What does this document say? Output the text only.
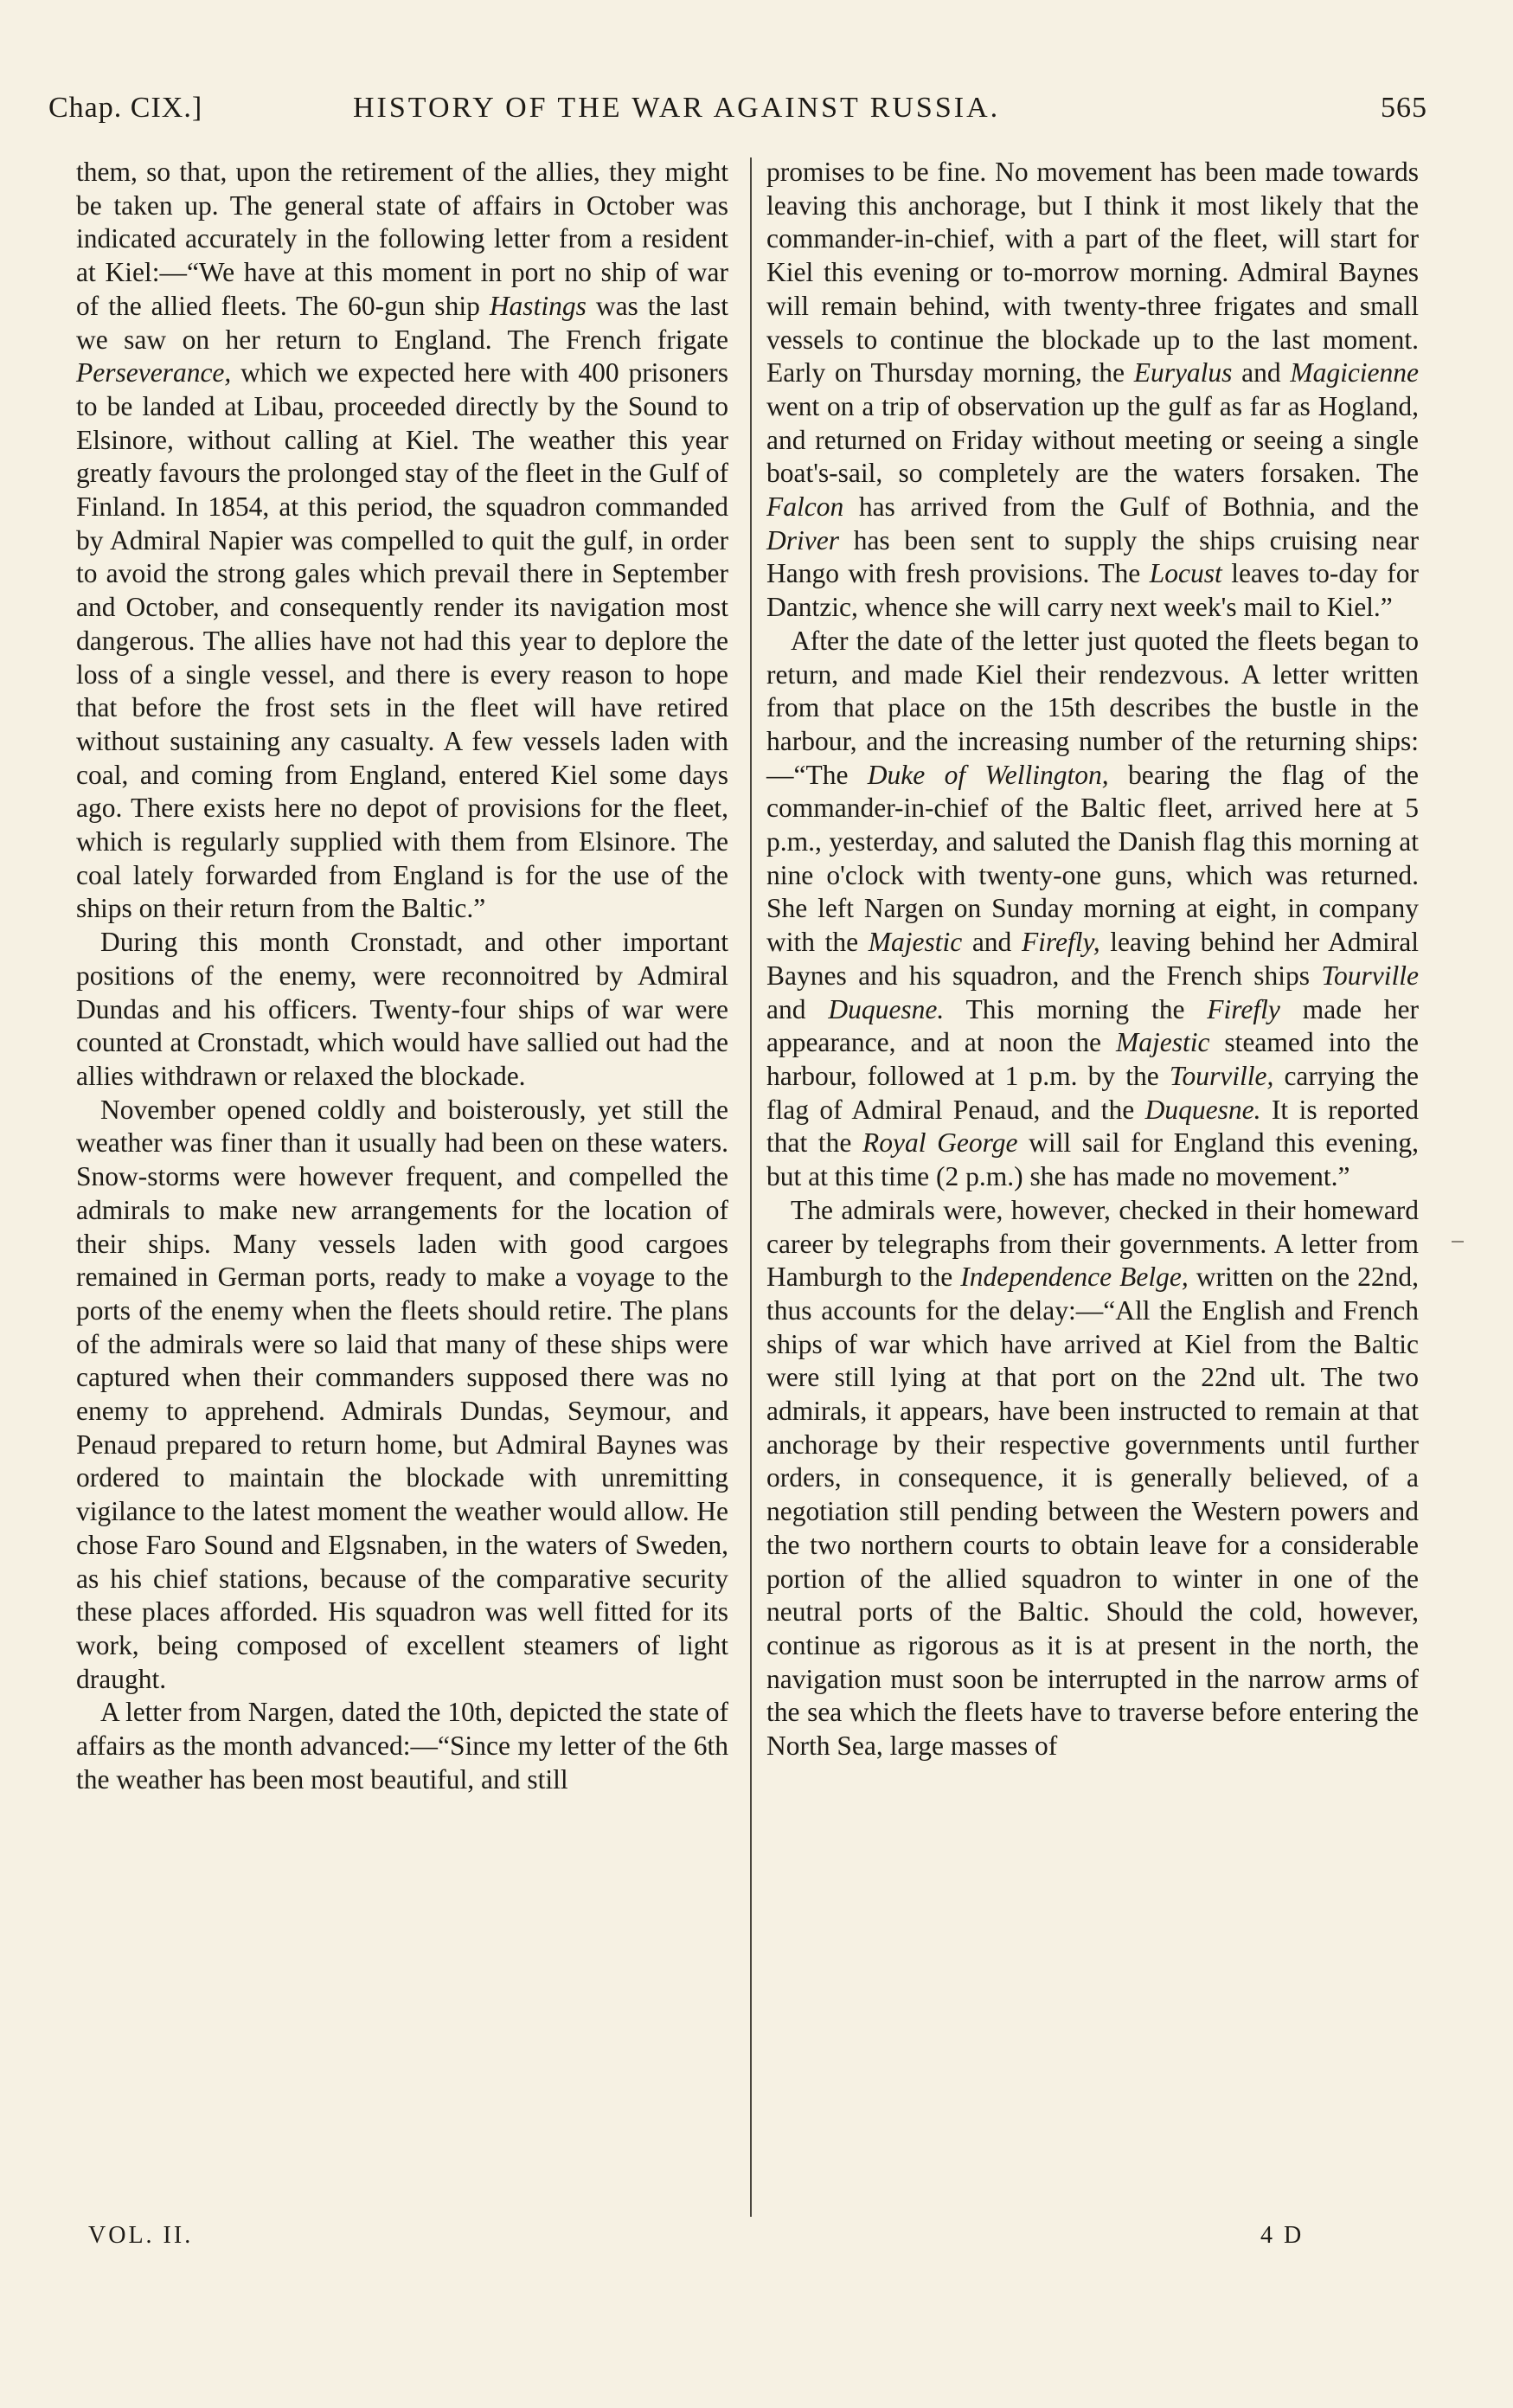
Chap. CIX.]	HISTORY OF THE WAR AGAINST RUSSIA.	565

them, so that, upon the retirement of the allies, they might be taken up. The general state of affairs in October was indicated accurately in the following letter from a resident at Kiel:—“We have at this moment in port no ship of war of the allied fleets. The 60-gun ship Hastings was the last we saw on her return to England. The French frigate Perseverance, which we expected here with 400 prisoners to be landed at Libau, proceeded directly by the Sound to Elsinore, without calling at Kiel. The weather this year greatly favours the prolonged stay of the fleet in the Gulf of Finland. In 1854, at this period, the squadron commanded by Admiral Napier was compelled to quit the gulf, in order to avoid the strong gales which prevail there in September and October, and consequently render its navigation most dangerous. The allies have not had this year to deplore the loss of a single vessel, and there is every reason to hope that before the frost sets in the fleet will have retired without sustaining any casualty. A few vessels laden with coal, and coming from England, entered Kiel some days ago. There exists here no depot of provisions for the fleet, which is regularly supplied with them from Elsinore. The coal lately forwarded from England is for the use of the ships on their return from the Baltic.”

During this month Cronstadt, and other important positions of the enemy, were reconnoitred by Admiral Dundas and his officers. Twenty-four ships of war were counted at Cronstadt, which would have sallied out had the allies withdrawn or relaxed the blockade.

November opened coldly and boisterously, yet still the weather was finer than it usually had been on these waters. Snow-storms were however frequent, and compelled the admirals to make new arrangements for the location of their ships. Many vessels laden with good cargoes remained in German ports, ready to make a voyage to the ports of the enemy when the fleets should retire. The plans of the admirals were so laid that many of these ships were captured when their commanders supposed there was no enemy to apprehend. Admirals Dundas, Seymour, and Penaud prepared to return home, but Admiral Baynes was ordered to maintain the blockade with unremitting vigilance to the latest moment the weather would allow. He chose Faro Sound and Elgsnaben, in the waters of Sweden, as his chief stations, because of the comparative security these places afforded. His squadron was well fitted for its work, being composed of excellent steamers of light draught.

A letter from Nargen, dated the 10th, depicted the state of affairs as the month advanced:—“Since my letter of the 6th the weather has been most beautiful, and still

promises to be fine. No movement has been made towards leaving this anchorage, but I think it most likely that the commander-in-chief, with a part of the fleet, will start for Kiel this evening or to-morrow morning. Admiral Baynes will remain behind, with twenty-three frigates and small vessels to continue the blockade up to the last moment. Early on Thursday morning, the Euryalus and Magicienne went on a trip of observation up the gulf as far as Hogland, and returned on Friday without meeting or seeing a single boat's-sail, so completely are the waters forsaken. The Falcon has arrived from the Gulf of Bothnia, and the Driver has been sent to supply the ships cruising near Hango with fresh provisions. The Locust leaves to-day for Dantzic, whence she will carry next week's mail to Kiel.”

After the date of the letter just quoted the fleets began to return, and made Kiel their rendezvous. A letter written from that place on the 15th describes the bustle in the harbour, and the increasing number of the returning ships:—“The Duke of Wellington, bearing the flag of the commander-in-chief of the Baltic fleet, arrived here at 5 p.m., yesterday, and saluted the Danish flag this morning at nine o'clock with twenty-one guns, which was returned. She left Nargen on Sunday morning at eight, in company with the Majestic and Firefly, leaving behind her Admiral Baynes and his squadron, and the French ships Tourville and Duquesne. This morning the Firefly made her appearance, and at noon the Majestic steamed into the harbour, followed at 1 p.m. by the Tourville, carrying the flag of Admiral Penaud, and the Duquesne. It is reported that the Royal George will sail for England this evening, but at this time (2 p.m.) she has made no movement.”

The admirals were, however, checked in their homeward career by telegraphs from their governments. A letter from Hamburgh to the Independence Belge, written on the 22nd, thus accounts for the delay:—“All the English and French ships of war which have arrived at Kiel from the Baltic were still lying at that port on the 22nd ult. The two admirals, it appears, have been instructed to remain at that anchorage by their respective governments until further orders, in consequence, it is generally believed, of a negotiation still pending between the Western powers and the two northern courts to obtain leave for a considerable portion of the allied squadron to winter in one of the neutral ports of the Baltic. Should the cold, however, continue as rigorous as it is at present in the north, the navigation must soon be interrupted in the narrow arms of the sea which the fleets have to traverse before entering the North Sea, large masses of

VOL. II.	4 D
